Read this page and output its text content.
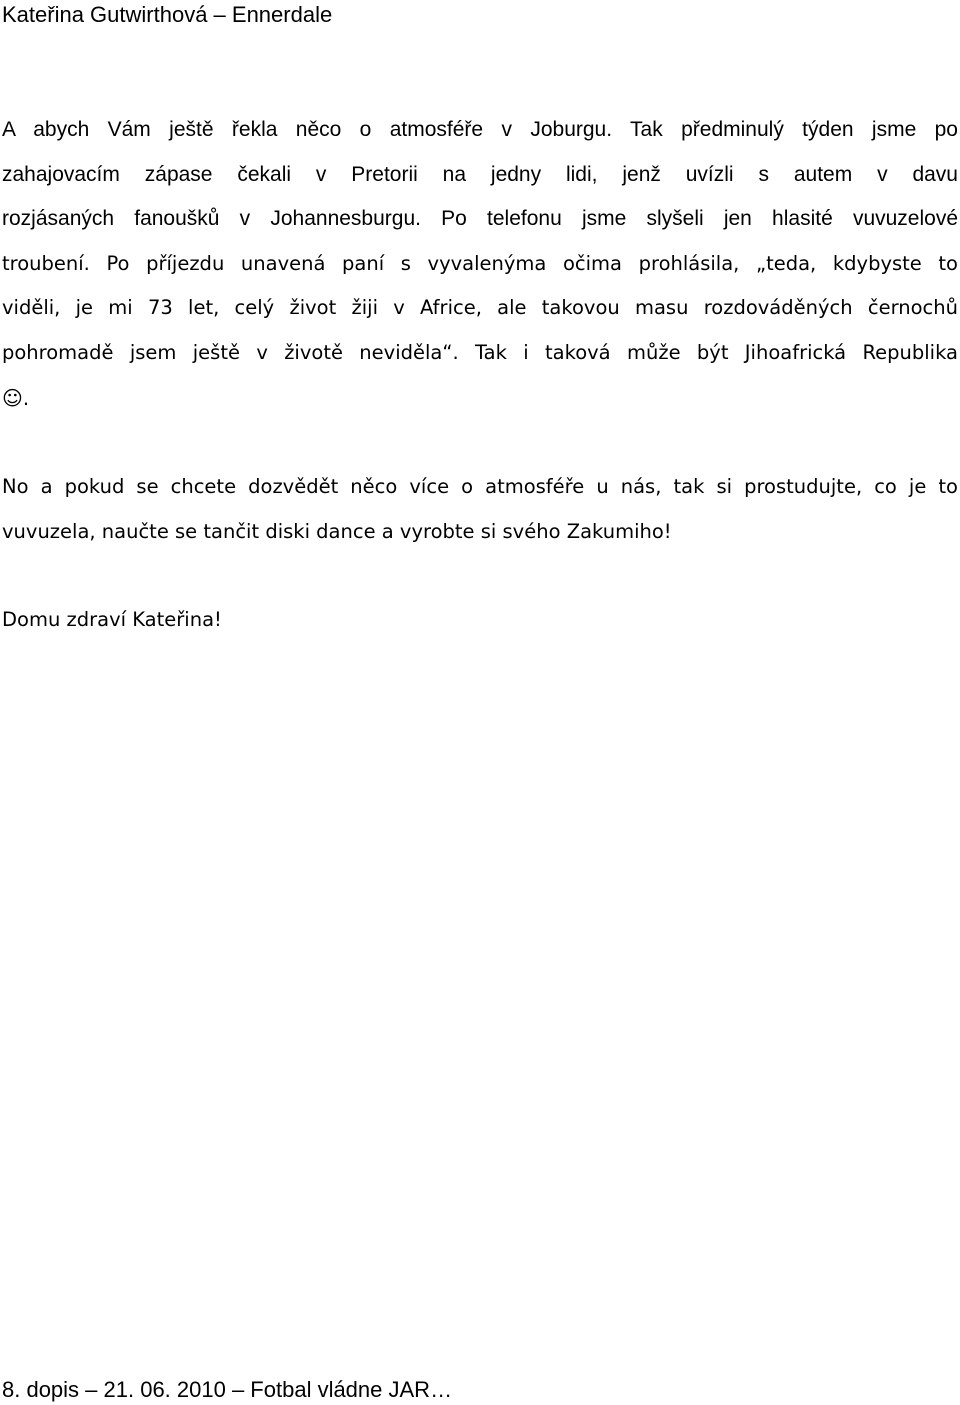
Kateřina Gutwirthová – Ennerdale
A abych Vám ještě řekla něco o atmosféře v Joburgu. Tak předminulý týden jsme po
zahajovacím zápase čekali v Pretorii na jedny lidi, jenž uvízli s autem v davu
rozjásaných fanoušků v Johannesburgu. Po telefonu jsme slyšeli jen hlasité vuvuzelové
troubení. Po příjezdu unavená paní s vyvalenýma očima prohlásila, „teda, kdybyste to
viděli, je mi 73 let, celý život žiji v Africe, ale takovou masu rozdováděných černochů
pohromadě jsem ještě v životě neviděla“. Tak i taková může být Jihoafrická Republika
☺.
No a pokud se chcete dozvědět něco více o atmosféře u nás, tak si prostudujte, co je to
vuvuzela, naučte se tančit diski dance a vyrobte si svého Zakumiho!
Domu zdraví Kateřina!
8. dopis – 21. 06. 2010 – Fotbal vládne JAR…
